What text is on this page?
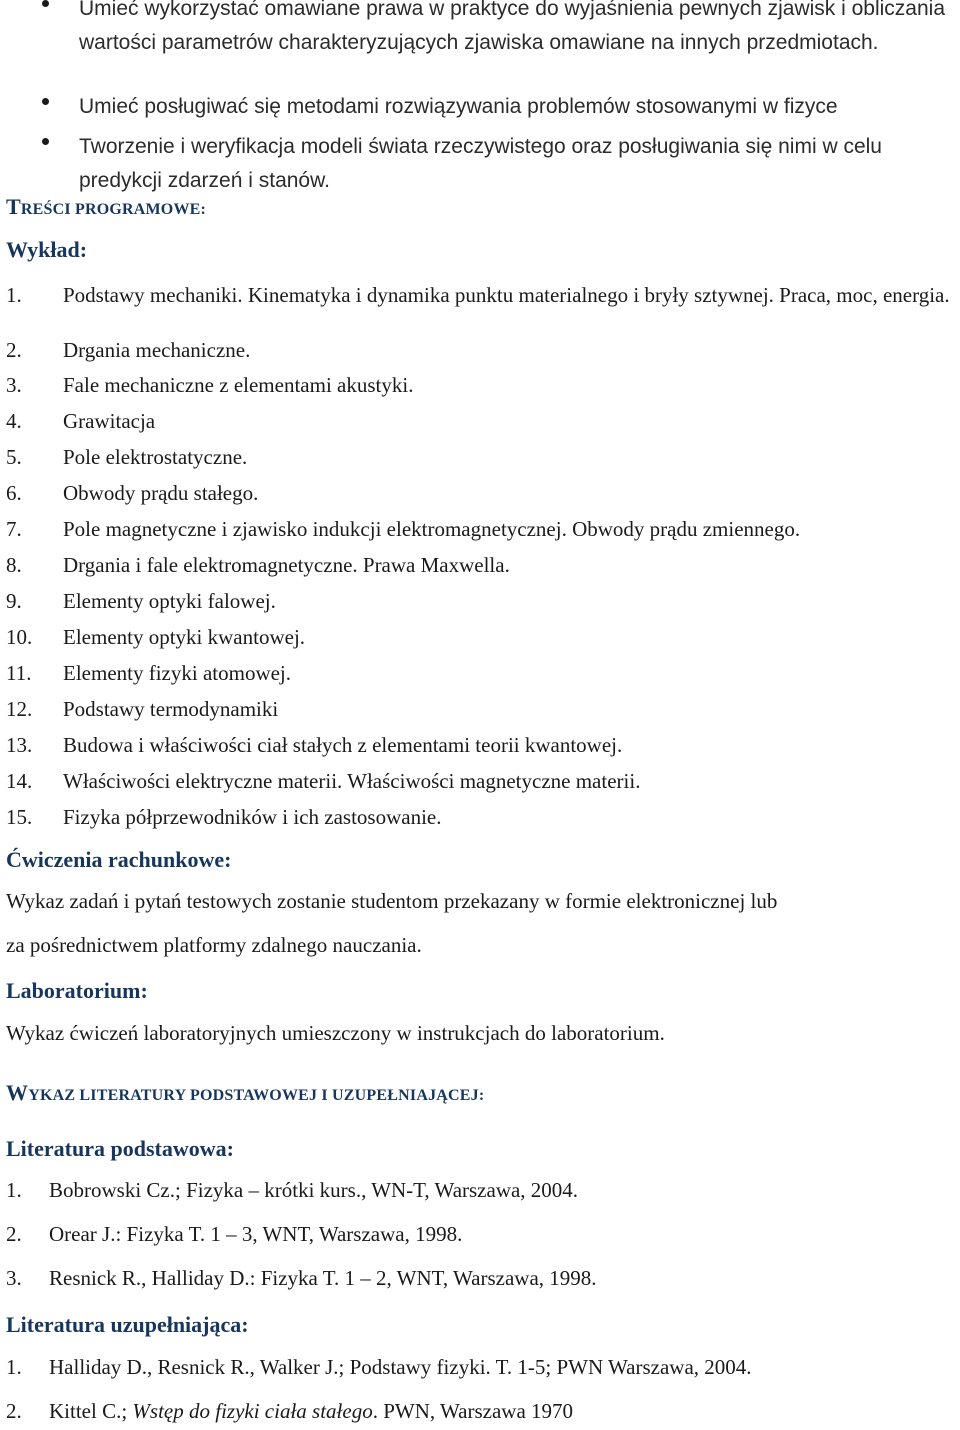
Umieć wykorzystać omawiane prawa w praktyce do wyjaśnienia pewnych zjawisk i obliczania wartości parametrów charakteryzujących zjawiska omawiane na innych przedmiotach.
Umieć posługiwać się metodami rozwiązywania problemów stosowanymi w fizyce
Tworzenie i weryfikacja modeli świata rzeczywistego oraz posługiwania się nimi w celu predykcji zdarzeń i stanów.
TREŚCI PROGRAMOWE:
Wykład:
1.	Podstawy mechaniki. Kinematyka i dynamika punktu materialnego i bryły sztywnej. Praca, moc, energia.
2.	Drgania mechaniczne.
3.	Fale mechaniczne z elementami akustyki.
4.	Grawitacja
5.	Pole elektrostatyczne.
6.	Obwody prądu stałego.
7.	Pole magnetyczne i zjawisko indukcji elektromagnetycznej. Obwody prądu zmiennego.
8.	Drgania i fale elektromagnetyczne. Prawa Maxwella.
9.	Elementy optyki falowej.
10.	Elementy optyki kwantowej.
11.	Elementy fizyki atomowej.
12.	Podstawy termodynamiki
13.	Budowa i właściwości ciał stałych z elementami teorii kwantowej.
14.	Właściwości elektryczne materii. Właściwości magnetyczne materii.
15.	Fizyka półprzewodników i ich zastosowanie.
Ćwiczenia rachunkowe:
Wykaz zadań i pytań testowych zostanie studentom przekazany w formie elektronicznej lub
za pośrednictwem platformy zdalnego nauczania.
Laboratorium:
Wykaz ćwiczeń laboratoryjnych umieszczony w instrukcjach do laboratorium.
WYKAZ LITERATURY PODSTAWOWEJ I UZUPEŁNIAJĄCEJ:
Literatura podstawowa:
1.	Bobrowski Cz.; Fizyka – krótki kurs., WN-T, Warszawa, 2004.
2.	Orear J.: Fizyka T. 1 – 3, WNT, Warszawa, 1998.
3.	Resnick R., Halliday D.: Fizyka T. 1 – 2, WNT, Warszawa, 1998.
Literatura uzupełniająca:
1.	Halliday D., Resnick R., Walker J.; Podstawy fizyki. T. 1-5; PWN Warszawa, 2004.
2.	Kittel C.; Wstęp do fizyki ciała stałego. PWN, Warszawa 1970
